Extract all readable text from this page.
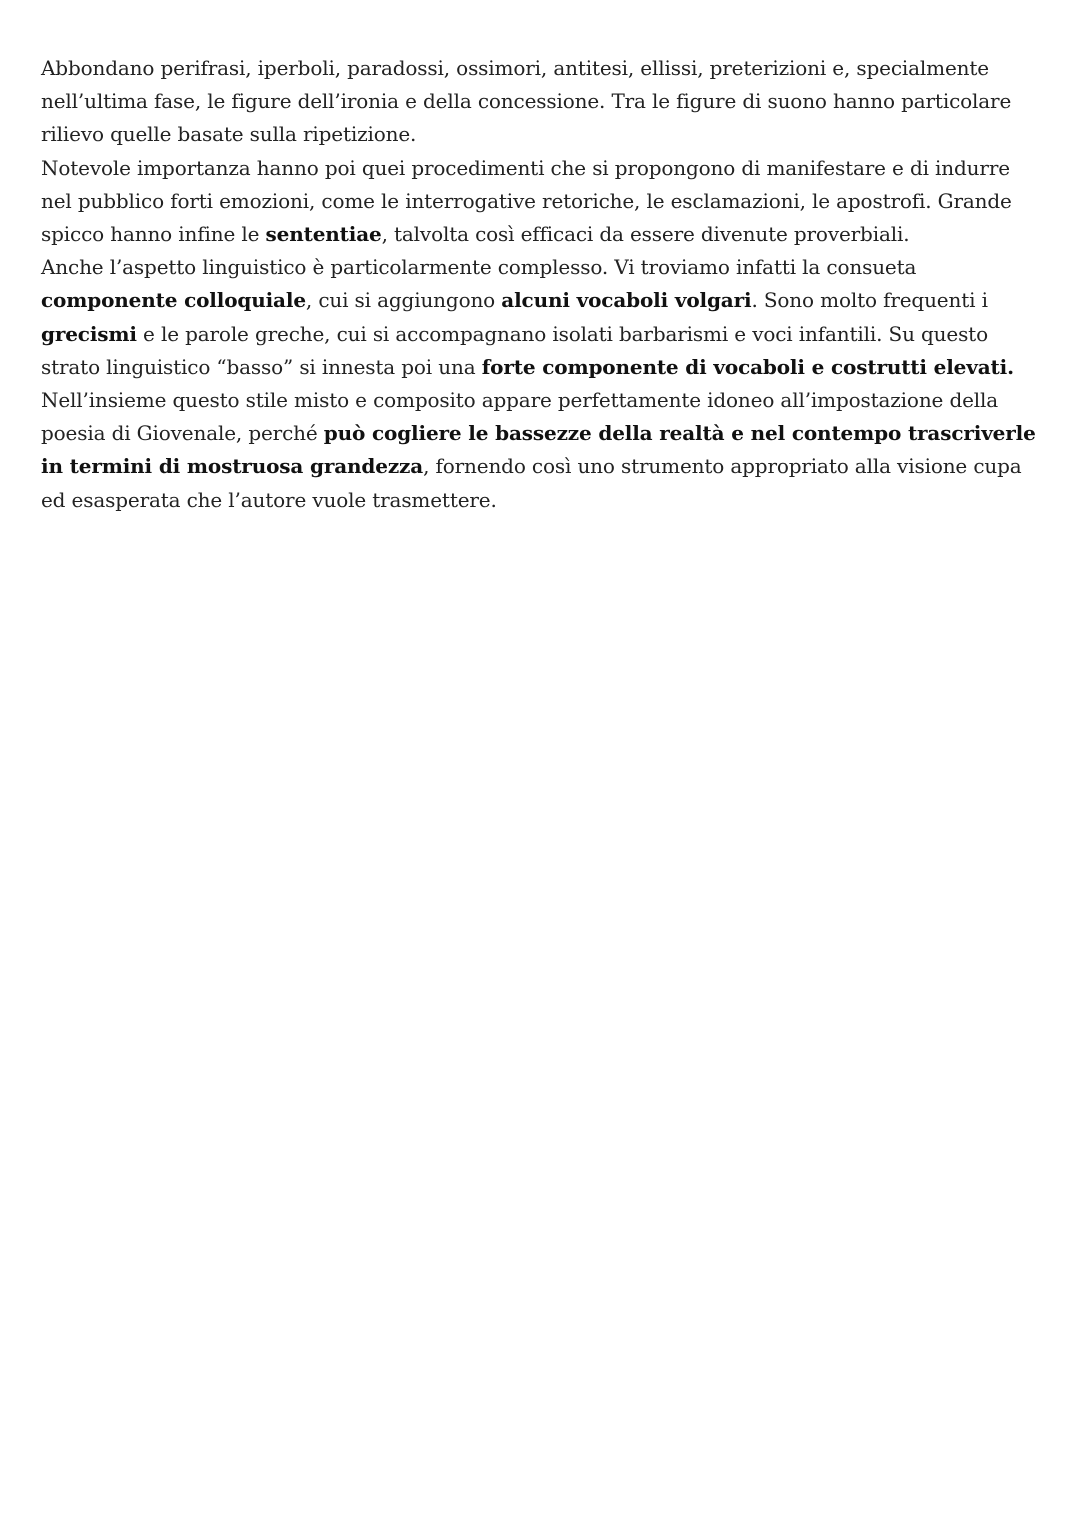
Abbondano perifrasi, iperboli, paradossi, ossimori, antitesi, ellissi, preterizioni e, specialmente nell’ultima fase, le figure dell’ironia e della concessione. Tra le figure di suono hanno particolare rilievo quelle basate sulla ripetizione.

Notevole importanza hanno poi quei procedimenti che si propongono di manifestare e di indurre nel pubblico forti emozioni, come le interrogative retoriche, le esclamazioni, le apostrofi. Grande spicco hanno infine le sententiae, talvolta così efficaci da essere divenute proverbiali.

Anche l’aspetto linguistico è particolarmente complesso. Vi troviamo infatti la consueta componente colloquiale, cui si aggiungono alcuni vocaboli volgari. Sono molto frequenti i grecismi e le parole greche, cui si accompagnano isolati barbarismi e voci infantili. Su questo strato linguistico “basso” si innesta poi una forte componente di vocaboli e costrutti elevati.

Nell’insieme questo stile misto e composito appare perfettamente idoneo all’impostazione della poesia di Giovenale, perché può cogliere le bassezze della realtà e nel contempo trascriverle in termini di mostruosa grandezza, fornendo così uno strumento appropriato alla visione cupa ed esasperata che l’autore vuole trasmettere.
